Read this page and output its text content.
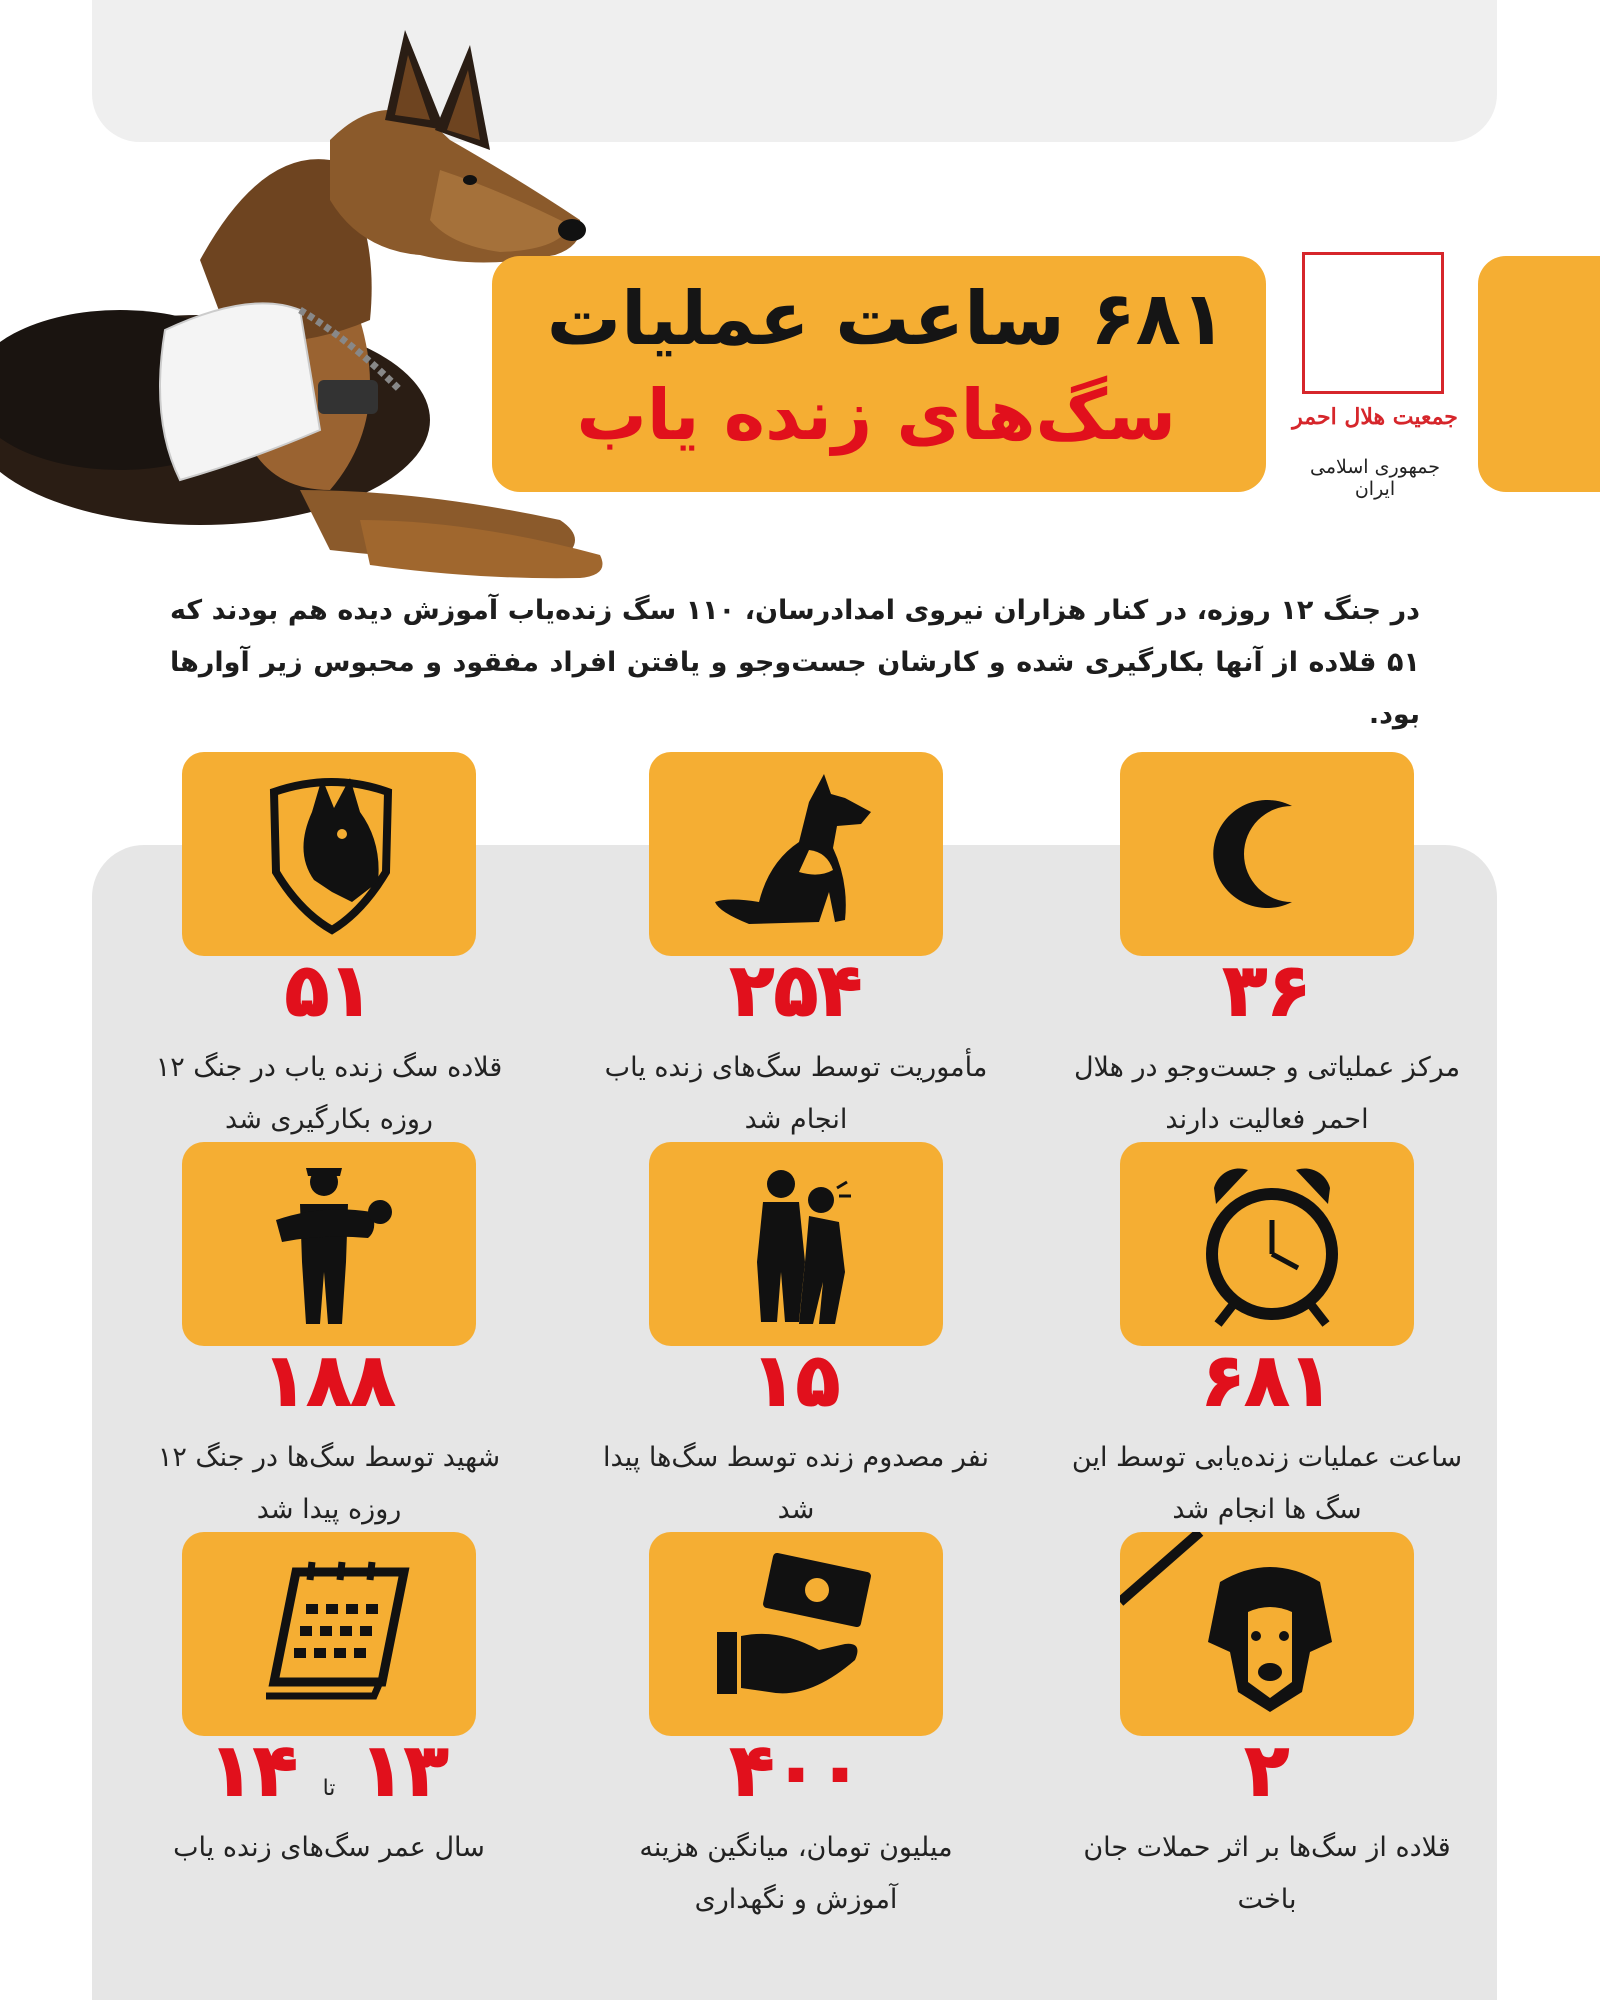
۶۸۱ ساعت عملیات
سگ‌های زنده یاب	جمعیت هلال احمر
جمهوری اسلامی ایران
در جنگ ۱۲ روزه، در کنار هزاران نیروی امدادرسان، ۱۱۰ سگ زنده‌یاب آموزش دیده هم بودند که ۵۱ قلاده از آنها بکارگیری شده و کارشان جست‌وجو و یافتن افراد مفقود و محبوس زیر آوارها بود.
۳۶
مرکز عملیاتی و جست‌وجو در هلال احمر فعالیت دارند
۲۵۴
مأموریت توسط سگ‌های زنده یاب انجام شد
۵۱
قلاده سگ زنده یاب در جنگ ۱۲ روزه بکارگیری شد
۶۸۱
ساعت عملیات زنده‌یابی توسط این سگ ها انجام شد
۱۵
نفر مصدوم زنده توسط سگ‌ها پیدا شد
۱۸۸
شهید توسط سگ‌ها در جنگ ۱۲ روزه پیدا شد
۲
قلاده از سگ‌ها بر اثر حملات جان باخت
۴۰۰
میلیون تومان، میانگین هزینه آموزش و نگهداری
۱۳ تا ۱۴
سال عمر سگ‌های زنده یاب
